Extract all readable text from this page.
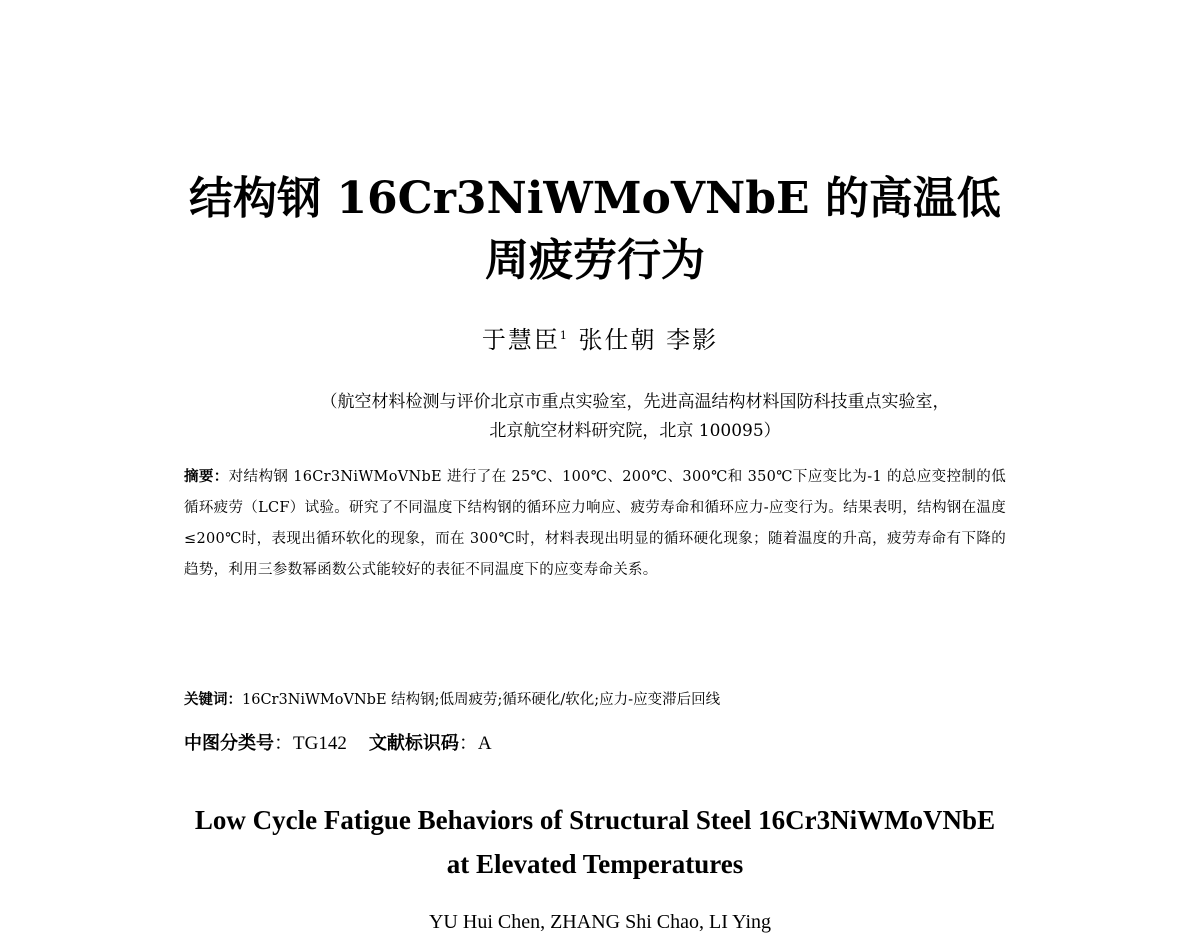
结构钢 16Cr3NiWMoVNbE 的高温低周疲劳行为
于慧臣$^1$ 张仕朝 李影
（航空材料检测与评价北京市重点实验室，先进高温结构材料国防科技重点实验室，
北京航空材料研究院，北京 100095）
摘要：对结构钢 16Cr3NiWMoVNbE 进行了在 25℃、100℃、200℃、300℃和 350℃下应变比为-1 的总应变控制的低循环疲劳（LCF）试验。研究了不同温度下结构钢的循环应力响应、疲劳寿命和循环应力-应变行为。结果表明，结构钢在温度≤200℃时，表现出循环软化的现象，而在 300℃时，材料表现出明显的循环硬化现象；随着温度的升高，疲劳寿命有下降的趋势，利用三参数幂函数公式能较好的表征不同温度下的应变寿命关系。
关键词：16Cr3NiWMoVNbE 结构钢;低周疲劳;循环硬化/软化;应力-应变滞后回线
中图分类号：TG142 文献标识码：A
Low Cycle Fatigue Behaviors of Structural Steel 16Cr3NiWMoVNbE
at Elevated Temperatures
YU Hui Chen, ZHANG Shi Chao, LI Ying
